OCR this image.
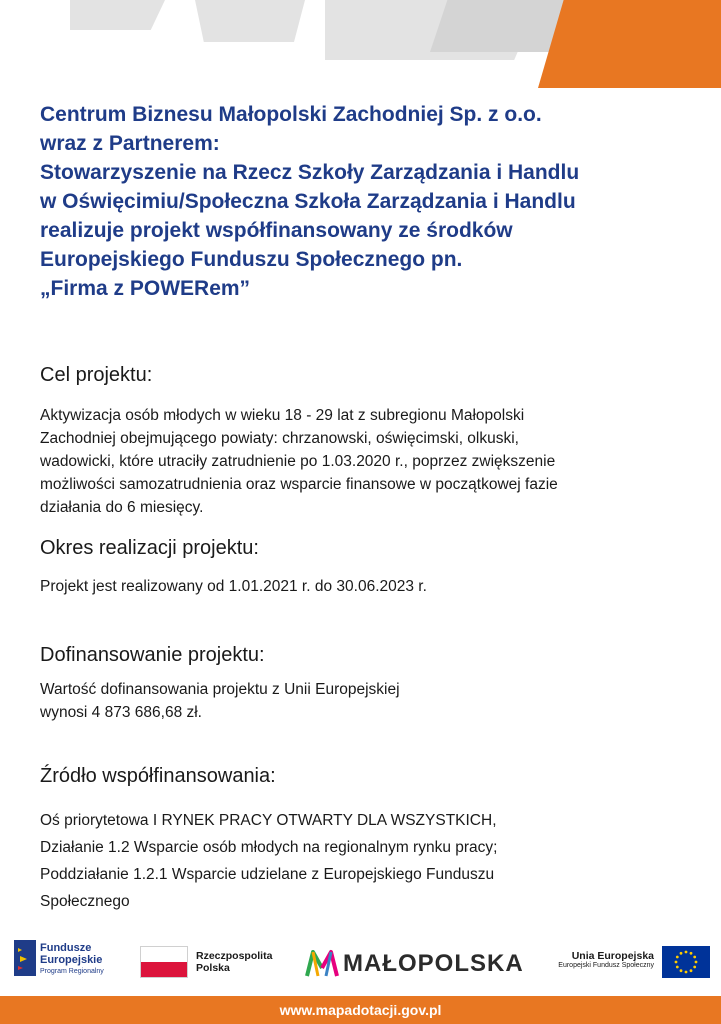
Centrum Biznesu Małopolski Zachodniej Sp. z o.o.
wraz z Partnerem:
Stowarzyszenie na Rzecz Szkoły Zarządzania i Handlu
w Oświęcimiu/Społeczna Szkoła Zarządzania i Handlu
realizuje projekt współfinansowany ze środków
Europejskiego Funduszu Społecznego pn.
„Firma z POWERem”
Cel projektu:
Aktywizacja osób młodych w wieku 18 - 29 lat z subregionu Małopolski
Zachodniej obejmującego powiaty: chrzanowski, oświęcimski, olkuski,
wadowicki, które utraciły zatrudnienie po 1.03.2020 r., poprzez zwiększenie
możliwości samozatrudnienia oraz wsparcie finansowe w początkowej fazie
działania do 6 miesięcy.
Okres realizacji projektu:
Projekt jest realizowany od 1.01.2021 r. do 30.06.2023 r.
Dofinansowanie projektu:
Wartość dofinansowania projektu z Unii Europejskiej
wynosi 4 873 686,68 zł.
Źródło współfinansowania:
Oś priorytetowa I RYNEK PRACY OTWARTY DLA WSZYSTKICH,
Działanie 1.2 Wsparcie osób młodych na regionalnym rynku pracy;
Poddziałanie 1.2.1 Wsparcie udzielane z Europejskiego Funduszu
Społecznego
Fundusze
Europejskie
Program Regionalny
Rzeczpospolita
Polska	MAŁOPOLSKA	Unia Europejska
Europejski Fundusz Społeczny
www.mapadotacji.gov.pl
